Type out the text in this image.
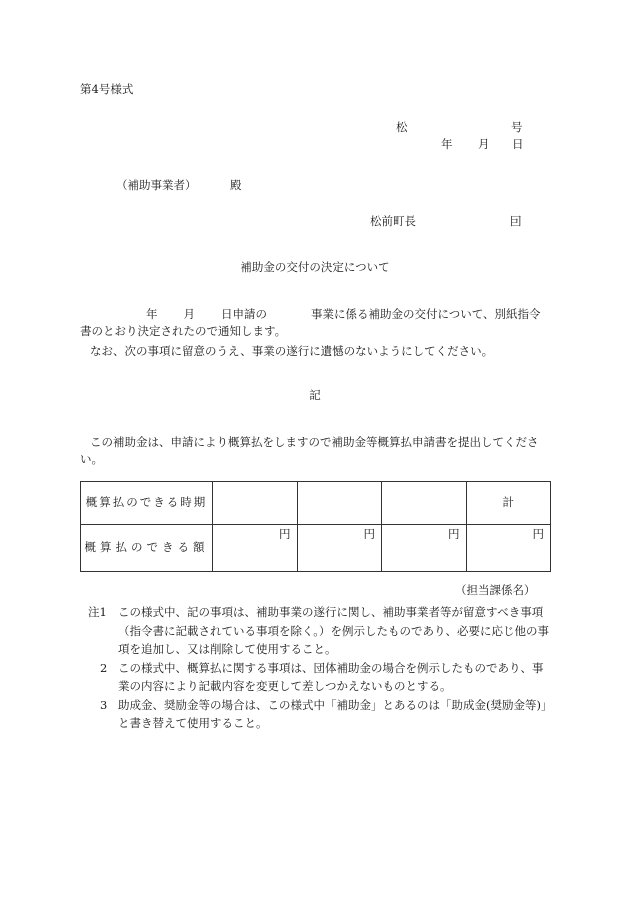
第4号様式
松	号
年 月 日
（補助事業者）	殿
松前町長	囙
補助金の交付の決定について
年 月 日申請の	事業に係る補助金の交付について、別紙指令書のとおり決定されたので通知します。
なお、次の事項に留意のうえ、事業の遂行に遺憾のないようにしてください。
記
この補助金は、申請により概算払をしますので補助金等概算払申請書を提出してください。
概算払のできる時期				計
概算払のできる額	円	円	円	円
（担当課係名）
注1 この様式中、記の事項は、補助事業の遂行に関し、補助事業者等が留意すべき事項（指令書に記載されている事項を除く。）を例示したものであり、必要に応じ他の事項を追加し、又は削除して使用すること。
2 この様式中、概算払に関する事項は、団体補助金の場合を例示したものであり、事業の内容により記載内容を変更して差しつかえないものとする。
3 助成金、奨励金等の場合は、この様式中「補助金」とあるのは「助成金(奨励金等)」と書き替えて使用すること。
